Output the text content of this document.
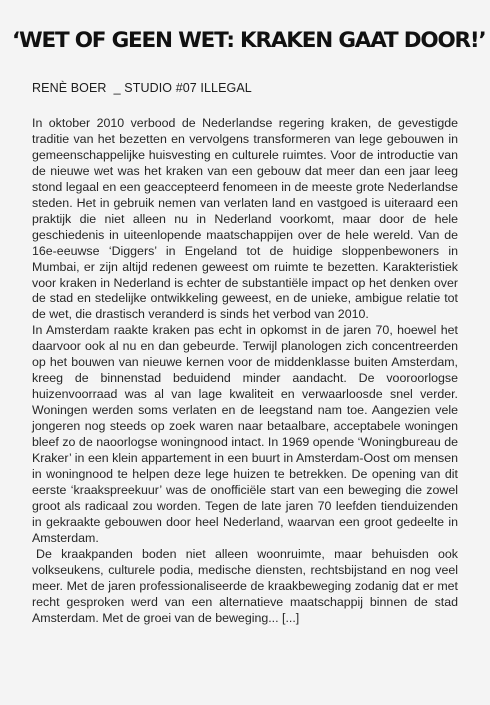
‘WET OF GEEN WET: KRAKEN GAAT DOOR!’
RENÈ BOER  _ STUDIO #07 ILLEGAL

In oktober 2010 verbood de Nederlandse regering kraken, de gevestigde traditie van het bezetten en vervolgens transformeren van lege gebouwen in gemeenschappelijke huisvesting en culturele ruimtes. Voor de introductie van de nieuwe wet was het kraken van een gebouw dat meer dan een jaar leeg stond legaal en een geaccepteerd fenomeen in de meeste grote Nederlandse steden. Het in gebruik nemen van verlaten land en vastgoed is uiteraard een praktijk die niet alleen nu in Nederland voorkomt, maar door de hele geschiedenis in uiteenlopende maatschappijen over de hele wereld. Van de 16e-eeuwse ‘Diggers’ in Engeland tot de huidige sloppenbewoners in Mumbai, er zijn altijd redenen geweest om ruimte te bezetten. Karakteristiek voor kraken in Nederland is echter de substantiële impact op het denken over de stad en stedelijke ontwikkeling geweest, en de unieke, ambigue relatie tot de wet, die drastisch veranderd is sinds het verbod van 2010.

In Amsterdam raakte kraken pas echt in opkomst in de jaren 70, hoewel het daarvoor ook al nu en dan gebeurde. Terwijl planologen zich concentreerden op het bouwen van nieuwe kernen voor de middenklasse buiten Amsterdam, kreeg de binnenstad beduidend minder aandacht. De vooroorlogse huizenvoorraad was al van lage kwaliteit en verwaarloosde snel verder. Woningen werden soms verlaten en de leegstand nam toe. Aangezien vele jongeren nog steeds op zoek waren naar betaalbare, acceptabele woningen bleef zo de naoorlogse woningnood intact. In 1969 opende ‘Woningbureau de Kraker’ in een klein appartement in een buurt in Amsterdam-Oost om mensen in woningnood te helpen deze lege huizen te betrekken. De opening van dit eerste ‘kraakspreekuur’ was de onofficiële start van een beweging die zowel groot als radicaal zou worden. Tegen de late jaren 70 leefden tienduizenden in gekraakte gebouwen door heel Nederland, waarvan een groot gedeelte in Amsterdam.

De kraakpanden boden niet alleen woonruimte, maar behuisden ook volkseukens, culturele podia, medische diensten, rechtsbijstand en nog veel meer. Met de jaren professionaliseerde de kraakbeweging zodanig dat er met recht gesproken werd van een alternatieve maatschappij binnen de stad Amsterdam. Met de groei van de beweging... [...]
